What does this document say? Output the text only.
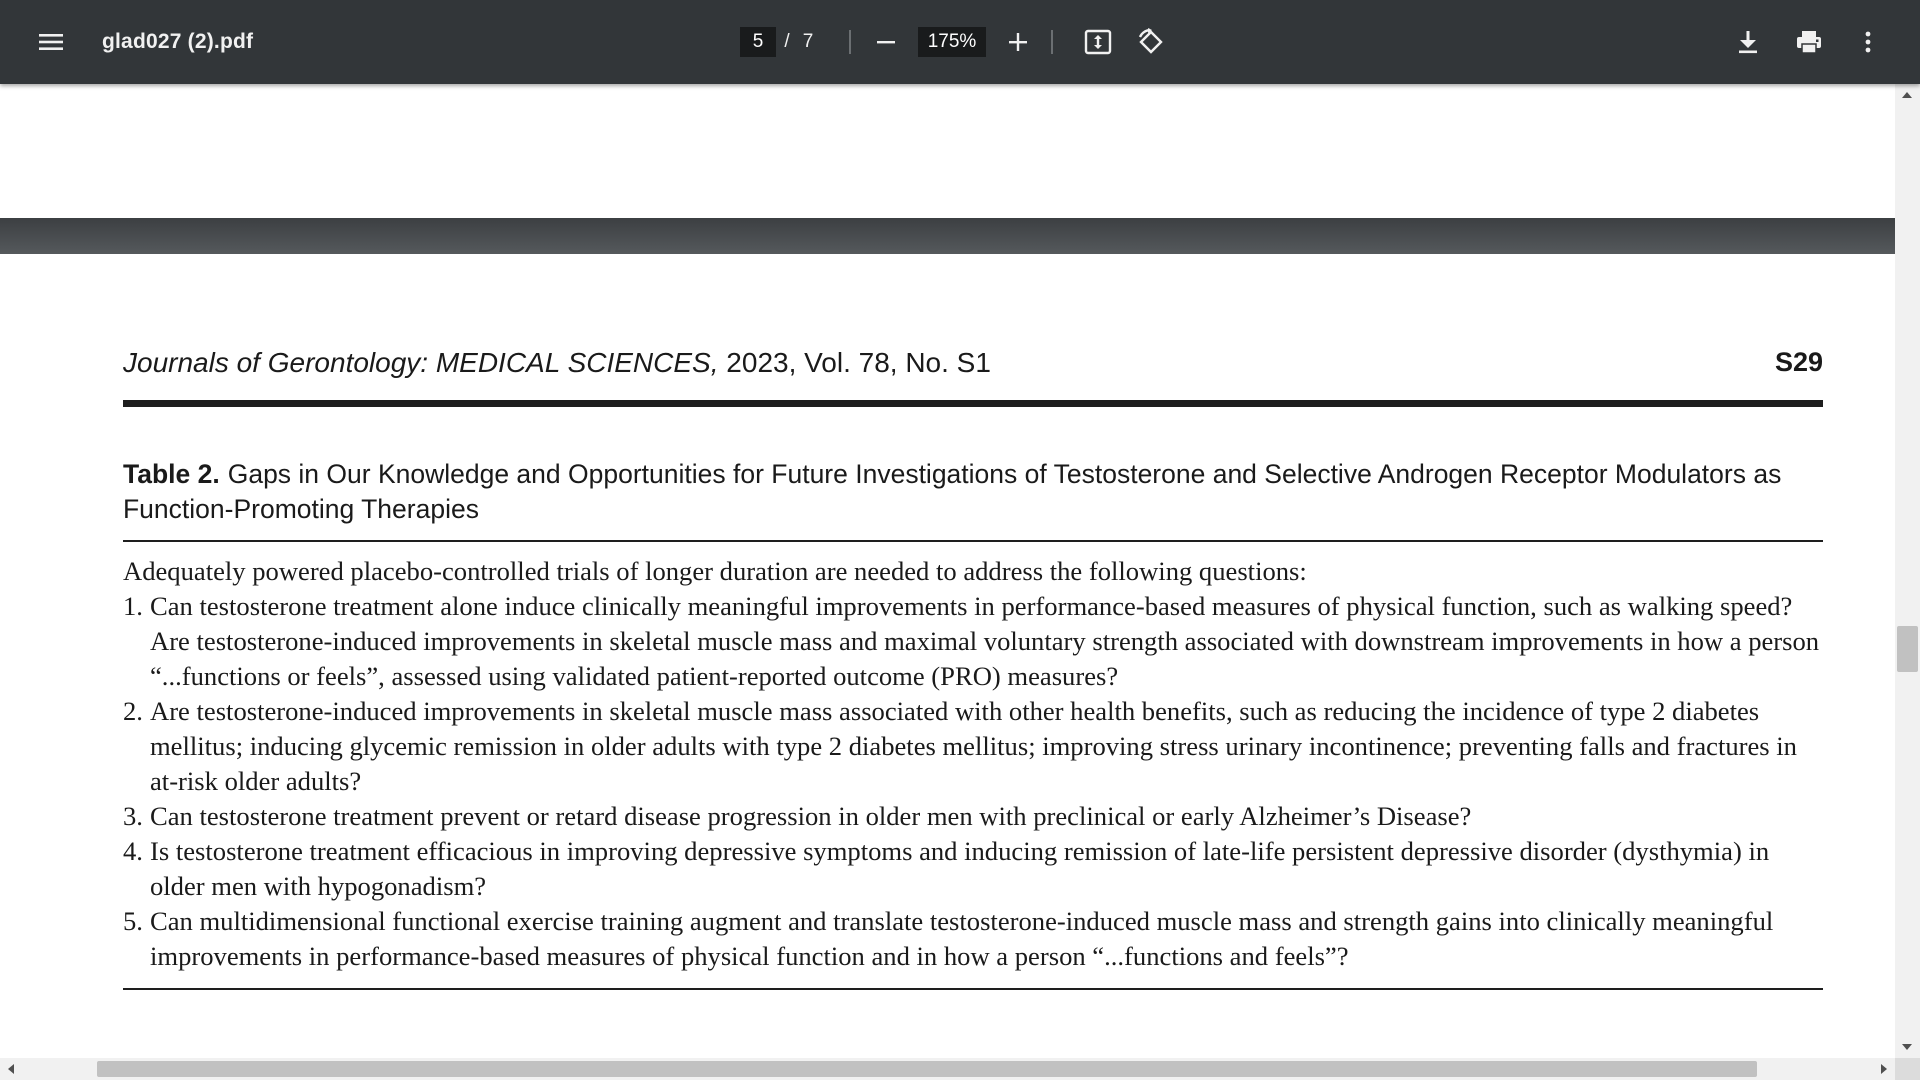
glad027 (2).pdf	5	/ 7	175%
Journals of Gerontology: MEDICAL SCIENCES, 2023, Vol. 78, No. S1	S29
Table 2. Gaps in Our Knowledge and Opportunities for Future Investigations of Testosterone and Selective Androgen Receptor Modulators as Function-Promoting Therapies

Adequately powered placebo-controlled trials of longer duration are needed to address the following questions:

1. Can testosterone treatment alone induce clinically meaningful improvements in performance-based measures of physical function, such as walking speed? Are testosterone-induced improvements in skeletal muscle mass and maximal voluntary strength associated with downstream improvements in how a person “...functions or feels”, assessed using validated patient-reported outcome (PRO) measures?
2. Are testosterone-induced improvements in skeletal muscle mass associated with other health benefits, such as reducing the incidence of type 2 diabetes mellitus; inducing glycemic remission in older adults with type 2 diabetes mellitus; improving stress urinary incontinence; preventing falls and fractures in at-risk older adults?
3. Can testosterone treatment prevent or retard disease progression in older men with preclinical or early Alzheimer’s Disease?
4. Is testosterone treatment efficacious in improving depressive symptoms and inducing remission of late-life persistent depressive disorder (dysthymia) in older men with hypogonadism?
5. Can multidimensional functional exercise training augment and translate testosterone-induced muscle mass and strength gains into clinically meaningful improvements in performance-based measures of physical function and in how a person “...functions and feels”?
